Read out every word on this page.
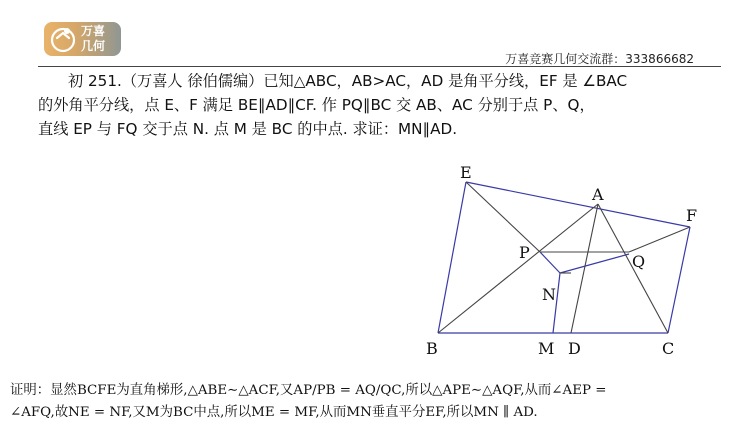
万喜
几何
万喜竞赛几何交流群：333866682

初 251.（万喜人 徐伯儒编）已知△ABC，AB>AC，AD 是角平分线，EF 是 ∠BAC

的外角平分线，点 E、F 满足 BE∥AD∥CF. 作 PQ∥BC 交 AB、AC 分别于点 P、Q，

直线 EP 与 FQ 交于点 N. 点 M 是 BC 的中点. 求证：MN∥AD.

E
A
F
P	Q
N
B	M D	C

证明：显然BCFE为直角梯形,△ABE∼△ACF,又AP/PB = AQ/QC,所以△APE∼△AQF,从而∠AEP =

∠AFQ,故NE = NF,又M为BC中点,所以ME = MF,从而MN垂直平分EF,所以MN ∥ AD.
